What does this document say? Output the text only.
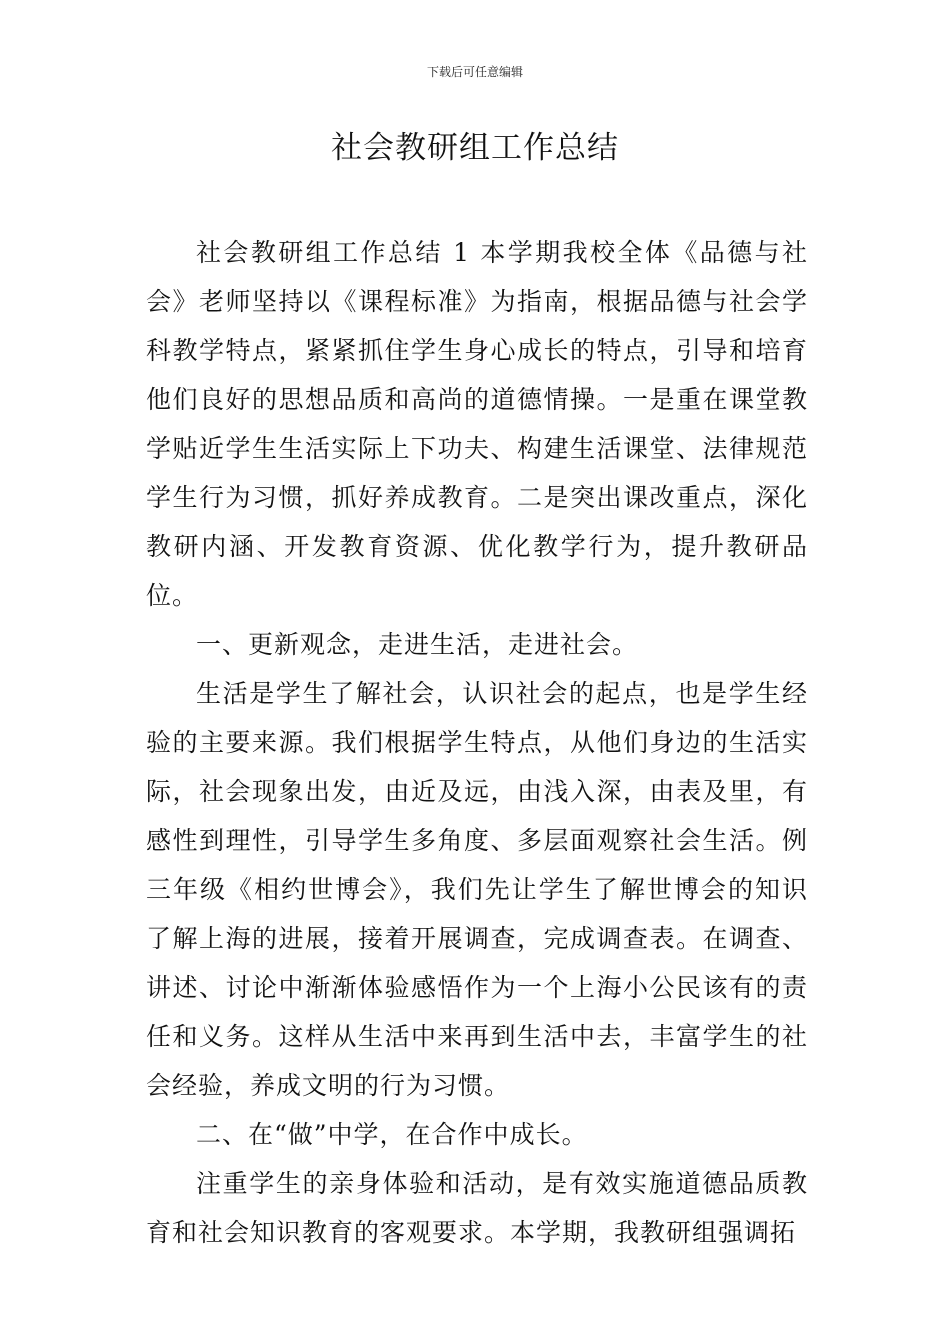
下载后可任意编辑
社会教研组工作总结

社会教研组工作总结 1 本学期我校全体《品德与社会》老师坚持以《课程标准》为指南，根据品德与社会学科教学特点，紧紧抓住学生身心成长的特点，引导和培育他们良好的思想品质和高尚的道德情操。一是重在课堂教学贴近学生生活实际上下功夫、构建生活课堂、法律规范学生行为习惯，抓好养成教育。二是突出课改重点，深化教研内涵、开发教育资源、优化教学行为，提升教研品位。

一、更新观念，走进生活，走进社会。

生活是学生了解社会，认识社会的起点，也是学生经验的主要来源。我们根据学生特点，从他们身边的生活实际，社会现象出发，由近及远，由浅入深，由表及里，有感性到理性，引导学生多角度、多层面观察社会生活。例三年级《相约世博会》，我们先让学生了解世博会的知识了解上海的进展，接着开展调查，完成调查表。在调查、讲述、讨论中渐渐体验感悟作为一个上海小公民该有的责任和义务。这样从生活中来再到生活中去，丰富学生的社会经验，养成文明的行为习惯。

二、在“做”中学，在合作中成长。

注重学生的亲身体验和活动，是有效实施道德品质教育和社会知识教育的客观要求。本学期，我教研组强调拓
